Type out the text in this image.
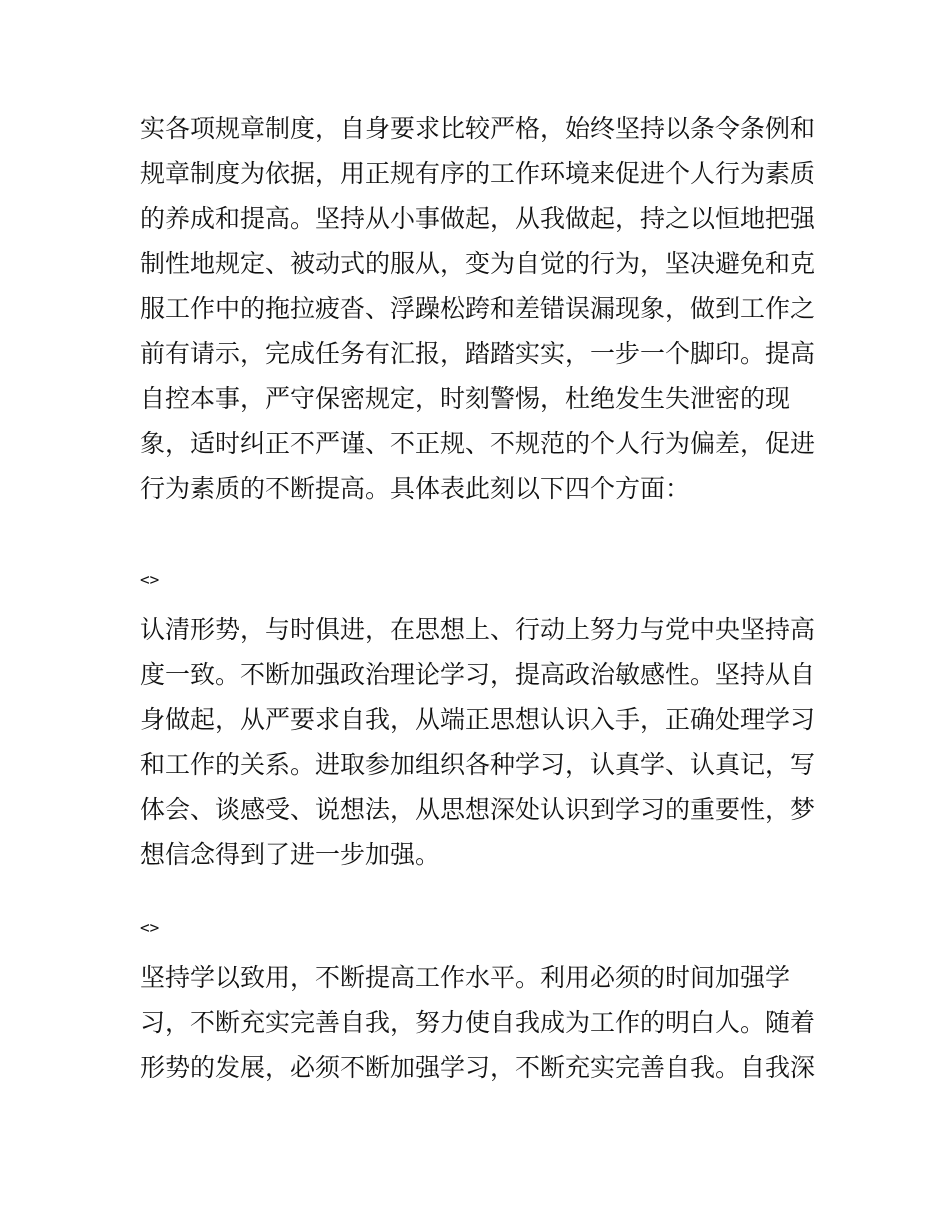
实各项规章制度，自身要求比较严格，始终坚持以条令条例和
规章制度为依据，用正规有序的工作环境来促进个人行为素质
的养成和提高。坚持从小事做起，从我做起，持之以恒地把强
制性地规定、被动式的服从，变为自觉的行为，坚决避免和克
服工作中的拖拉疲沓、浮躁松跨和差错误漏现象，做到工作之
前有请示，完成任务有汇报，踏踏实实，一步一个脚印。提高
自控本事，严守保密规定，时刻警惕，杜绝发生失泄密的现
象，适时纠正不严谨、不正规、不规范的个人行为偏差，促进
行为素质的不断提高。具体表此刻以下四个方面：
<>
认清形势，与时俱进，在思想上、行动上努力与党中央坚持高
度一致。不断加强政治理论学习，提高政治敏感性。坚持从自
身做起，从严要求自我，从端正思想认识入手，正确处理学习
和工作的关系。进取参加组织各种学习，认真学、认真记，写
体会、谈感受、说想法，从思想深处认识到学习的重要性，梦
想信念得到了进一步加强。
<>
坚持学以致用，不断提高工作水平。利用必须的时间加强学
习，不断充实完善自我，努力使自我成为工作的明白人。随着
形势的发展，必须不断加强学习，不断充实完善自我。自我深
